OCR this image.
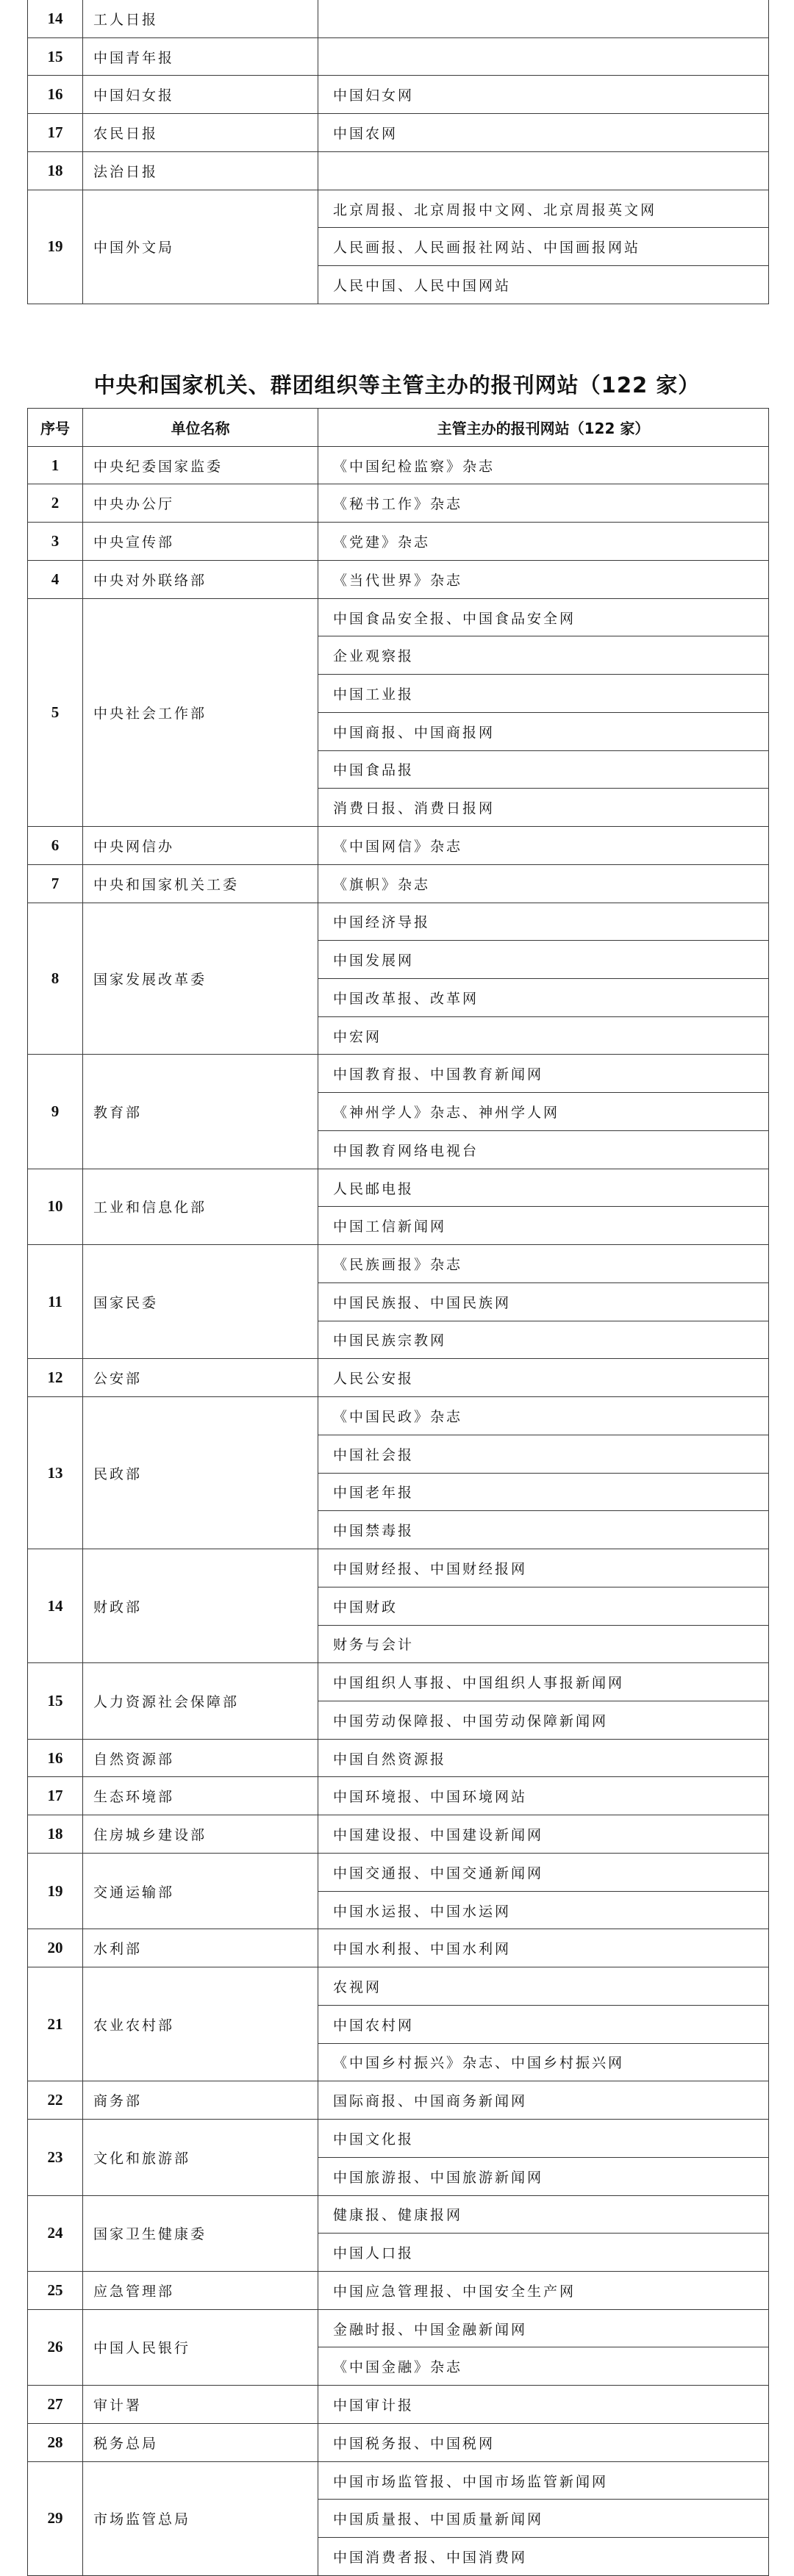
14	工人日报	
15	中国青年报	
16	中国妇女报	中国妇女网
17	农民日报	中国农网
18	法治日报	
19	中国外文局	北京周报、北京周报中文网、北京周报英文网
		人民画报、人民画报社网站、中国画报网站
		人民中国、人民中国网站
中央和国家机关、群团组织等主管主办的报刊网站（122 家）
序号	单位名称	主管主办的报刊网站（122 家）
1	中央纪委国家监委	《中国纪检监察》杂志
2	中央办公厅	《秘书工作》杂志
3	中央宣传部	《党建》杂志
4	中央对外联络部	《当代世界》杂志
5	中央社会工作部	中国食品安全报、中国食品安全网
		企业观察报
		中国工业报
		中国商报、中国商报网
		中国食品报
		消费日报、消费日报网
6	中央网信办	《中国网信》杂志
7	中央和国家机关工委	《旗帜》杂志
8	国家发展改革委	中国经济导报
		中国发展网
		中国改革报、改革网
		中宏网
9	教育部	中国教育报、中国教育新闻网
		《神州学人》杂志、神州学人网
		中国教育网络电视台
10	工业和信息化部	人民邮电报
		中国工信新闻网
11	国家民委	《民族画报》杂志
		中国民族报、中国民族网
		中国民族宗教网
12	公安部	人民公安报
13	民政部	《中国民政》杂志
		中国社会报
		中国老年报
		中国禁毒报
14	财政部	中国财经报、中国财经报网
		中国财政
		财务与会计
15	人力资源社会保障部	中国组织人事报、中国组织人事报新闻网
		中国劳动保障报、中国劳动保障新闻网
16	自然资源部	中国自然资源报
17	生态环境部	中国环境报、中国环境网站
18	住房城乡建设部	中国建设报、中国建设新闻网
19	交通运输部	中国交通报、中国交通新闻网
		中国水运报、中国水运网
20	水利部	中国水利报、中国水利网
21	农业农村部	农视网
		中国农村网
		《中国乡村振兴》杂志、中国乡村振兴网
22	商务部	国际商报、中国商务新闻网
23	文化和旅游部	中国文化报
		中国旅游报、中国旅游新闻网
24	国家卫生健康委	健康报、健康报网
		中国人口报
25	应急管理部	中国应急管理报、中国安全生产网
26	中国人民银行	金融时报、中国金融新闻网
		《中国金融》杂志
27	审计署	中国审计报
28	税务总局	中国税务报、中国税网
29	市场监管总局	中国市场监管报、中国市场监管新闻网
		中国质量报、中国质量新闻网
		中国消费者报、中国消费网
